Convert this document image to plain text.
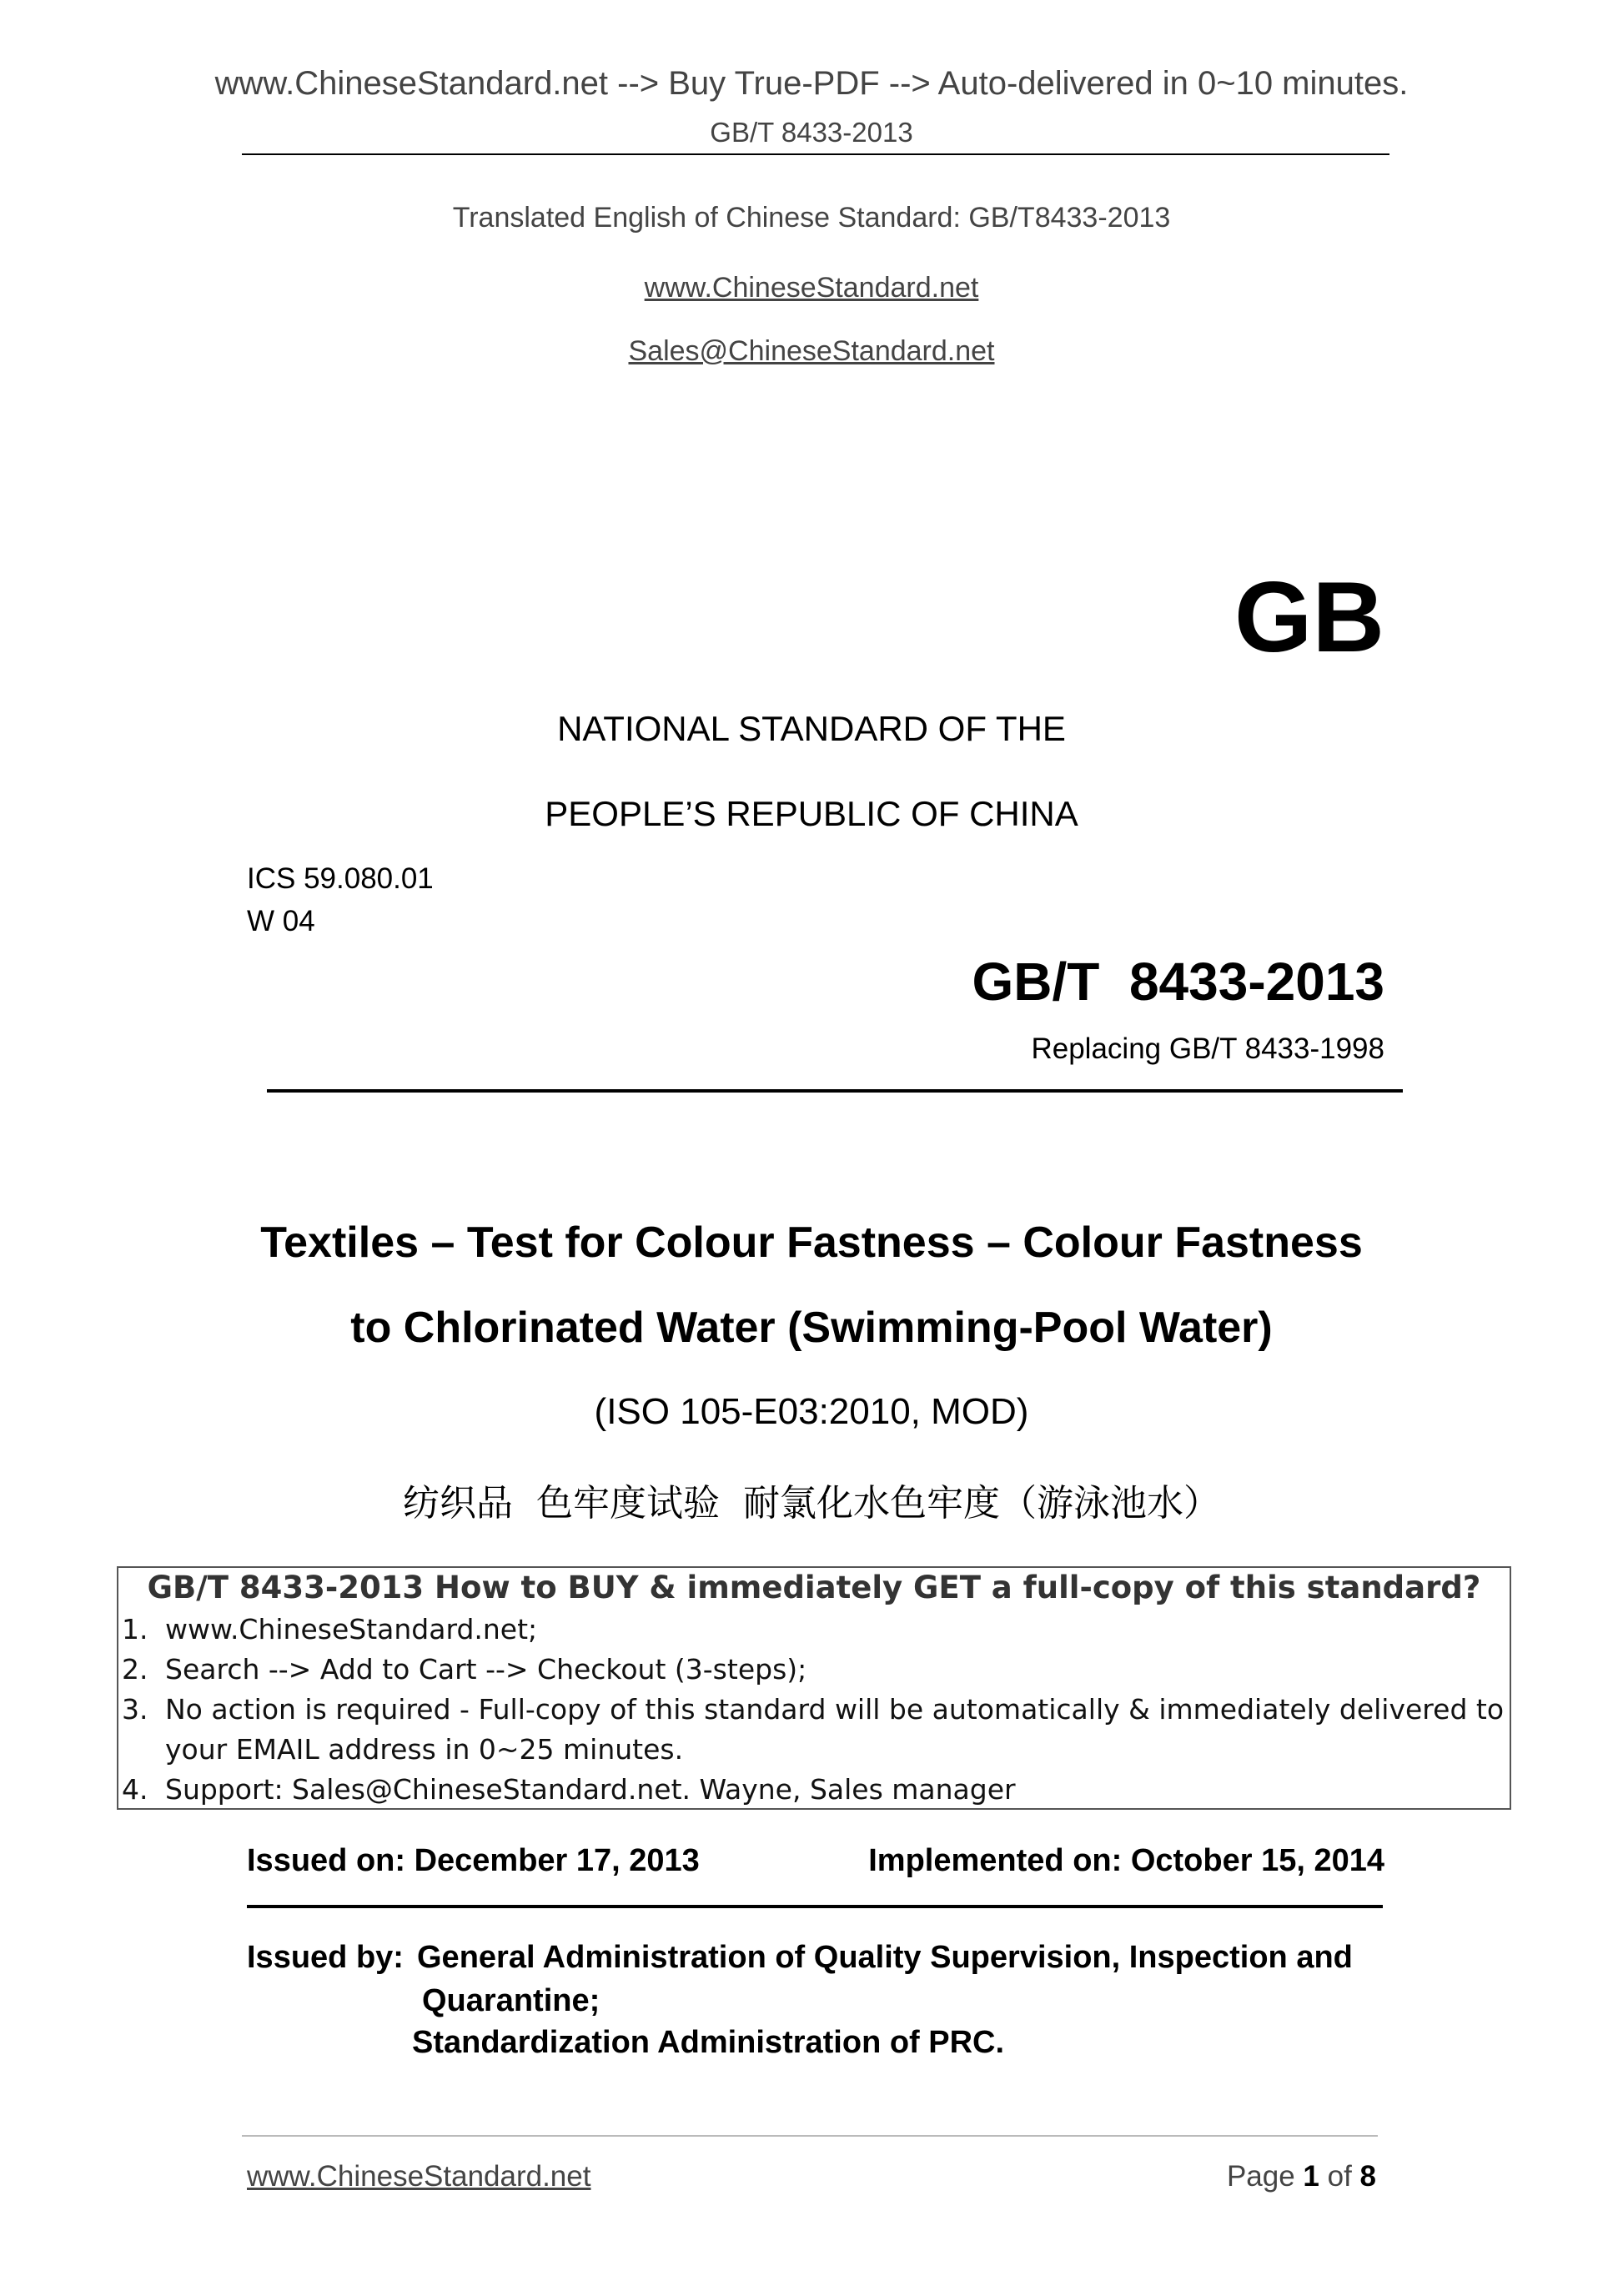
www.ChineseStandard.net --> Buy True-PDF --> Auto-delivered in 0~10 minutes.
GB/T 8433-2013
Translated English of Chinese Standard: GB/T8433-2013
www.ChineseStandard.net
Sales@ChineseStandard.net
GB
NATIONAL STANDARD OF THE
PEOPLE’S REPUBLIC OF CHINA
ICS 59.080.01
W 04
GB/T  8433-2013
Replacing GB/T 8433-1998
Textiles – Test for Colour Fastness – Colour Fastness
to Chlorinated Water (Swimming-Pool Water)
(ISO 105-E03:2010, MOD)
纺织品  色牢度试验  耐氯化水色牢度（游泳池水）
GB/T 8433-2013 How to BUY & immediately GET a full-copy of this standard?
1. www.ChineseStandard.net;
2. Search --> Add to Cart --> Checkout (3-steps);
3. No action is required - Full-copy of this standard will be automatically & immediately delivered to
your EMAIL address in 0~25 minutes.
4. Support: Sales@ChineseStandard.net. Wayne, Sales manager
Issued on: December 17, 2013	Implemented on: October 15, 2014
Issued by: General Administration of Quality Supervision, Inspection and
Quarantine;
Standardization Administration of PRC.
www.ChineseStandard.net	Page 1 of 8
